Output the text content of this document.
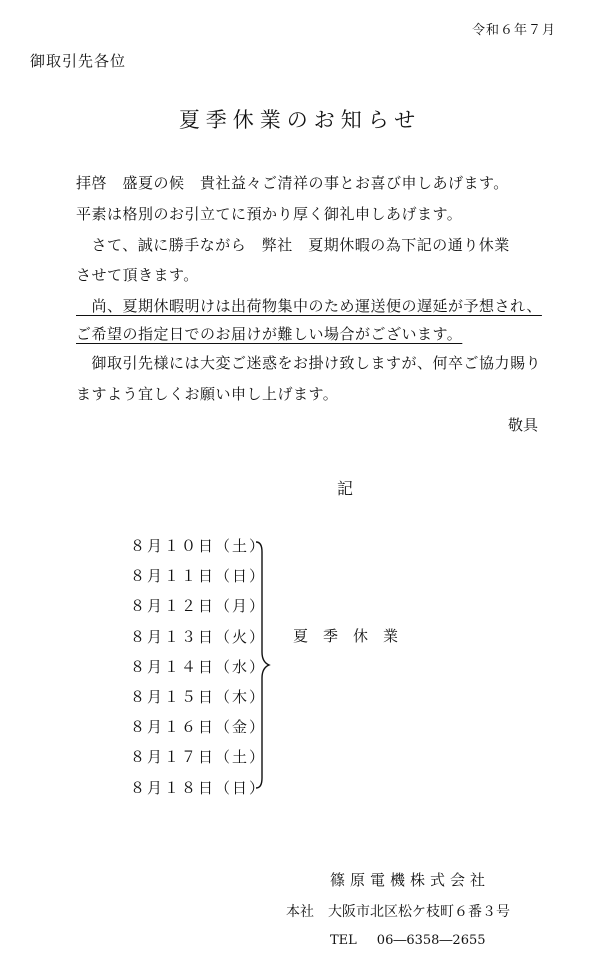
令和６年７月
御取引先各位
夏季休業のお知らせ
拝啓　盛夏の候　貴社益々ご清祥の事とお喜び申しあげます。
平素は格別のお引立てに預かり厚く御礼申しあげます。
　さて、誠に勝手ながら　弊社　夏期休暇の為下記の通り休業
させて頂きます。
　尚、夏期休暇明けは出荷物集中のため運送便の遅延が予想され、
ご希望の指定日でのお届けが難しい場合がございます。
　御取引先様には大変ご迷惑をお掛け致しますが、何卒ご協力賜り
ますよう宜しくお願い申し上げます。
敬具
記
８月１０日（土）
８月１１日（日）
８月１２日（月）
８月１３日（火）
８月１４日（水）
８月１５日（木）
８月１６日（金）
８月１７日（土）
８月１８日（日）
夏季休業
篠原電機株式会社
本社 大阪市北区松ケ枝町６番３号
TEL 06―6358―2655
